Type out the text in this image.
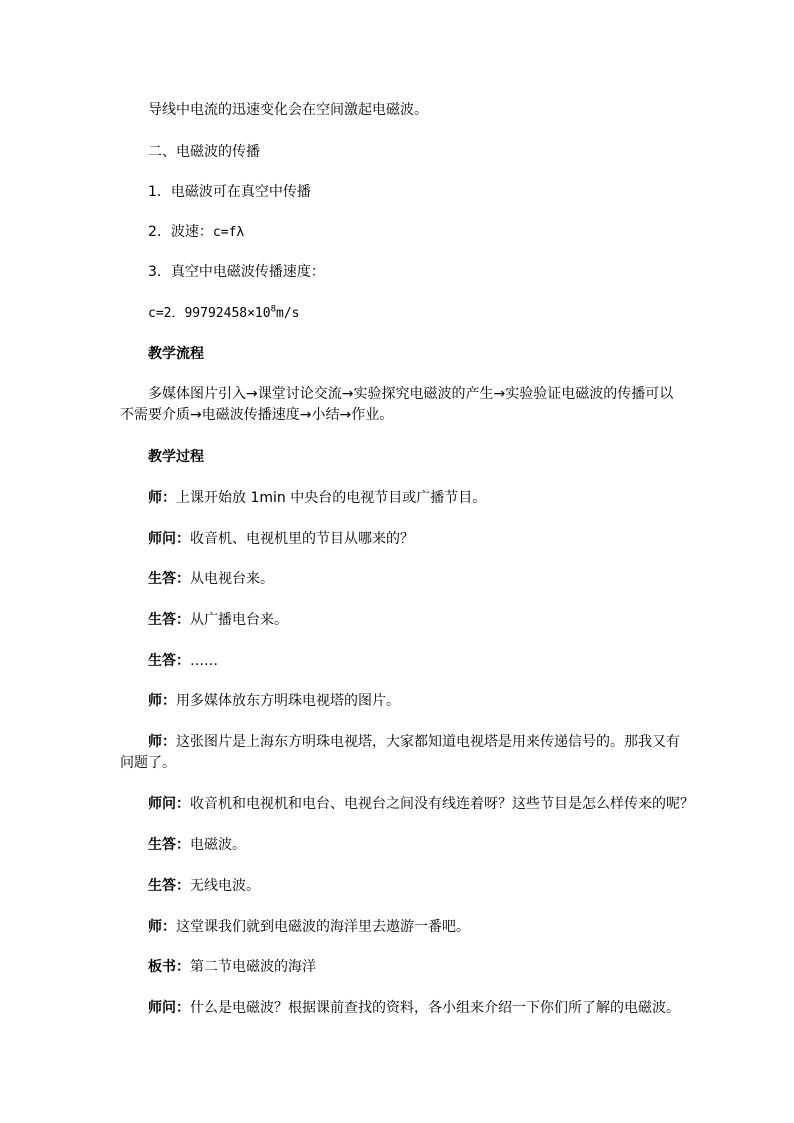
导线中电流的迅速变化会在空间激起电磁波。

二、电磁波的传播

1．电磁波可在真空中传播

2．波速：c=fλ

3．真空中电磁波传播速度：

c=2．$99792458\times 10^8m/s$

教学流程

多媒体图片引入→课堂讨论交流→实验探究电磁波的产生→实验验证电磁波的传播可以不需要介质→电磁波传播速度→小结→作业。

教学过程

师：上课开始放 1min 中央台的电视节目或广播节目。

师问：收音机、电视机里的节目从哪来的？

生答：从电视台来。

生答：从广播电台来。

生答：……

师：用多媒体放东方明珠电视塔的图片。

师：这张图片是上海东方明珠电视塔，大家都知道电视塔是用来传递信号的。那我又有问题了。

师问：收音机和电视机和电台、电视台之间没有线连着呀？这些节目是怎么样传来的呢？

生答：电磁波。

生答：无线电波。

师：这堂课我们就到电磁波的海洋里去遨游一番吧。

板书：第二节电磁波的海洋

师问：什么是电磁波？根据课前查找的资料，各小组来介绍一下你们所了解的电磁波。
